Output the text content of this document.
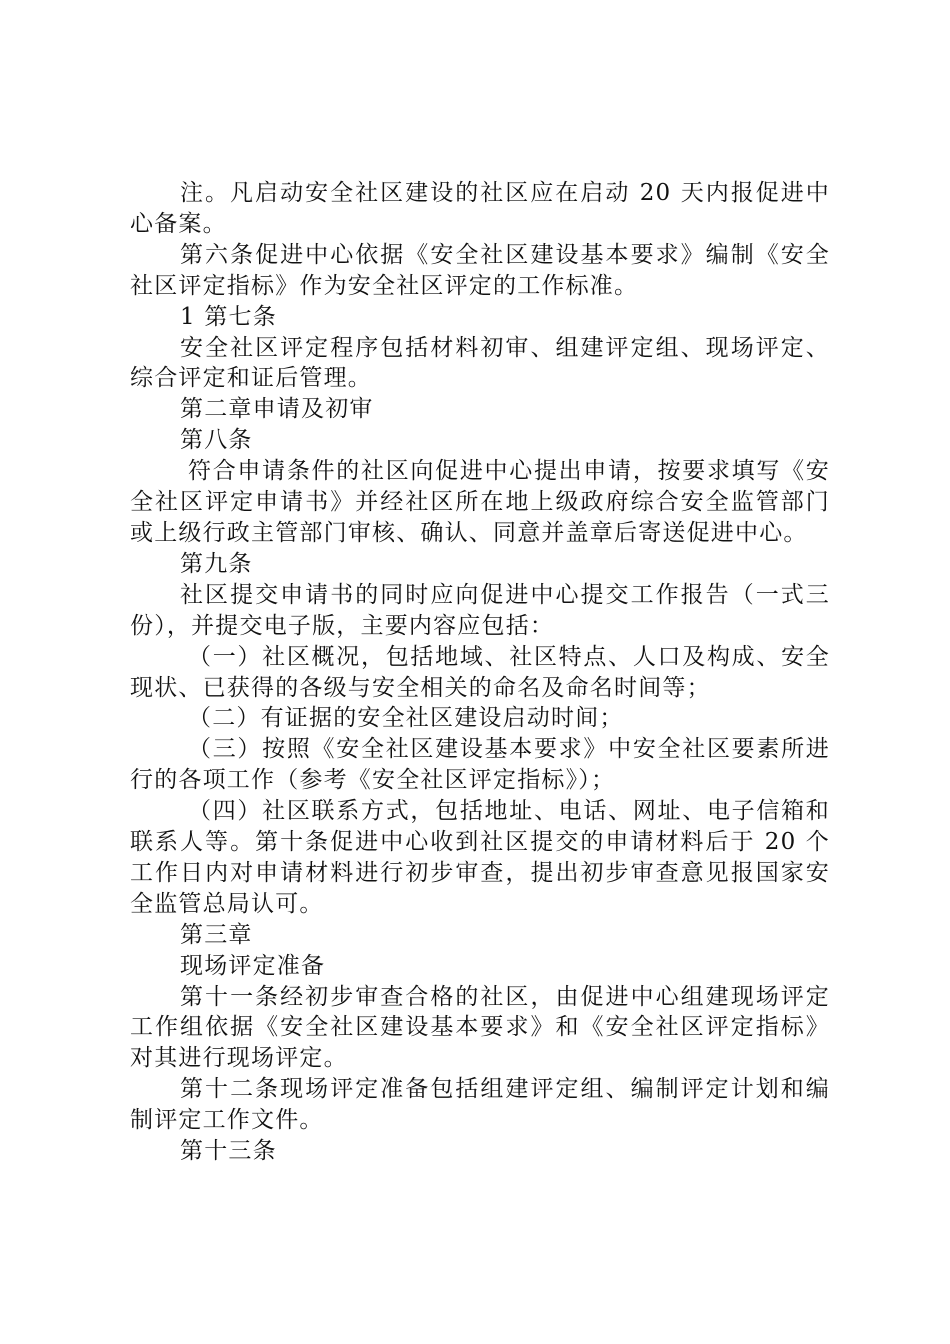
注。凡启动安全社区建设的社区应在启动 20 天内报促进中心备案。

第六条促进中心依据《安全社区建设基本要求》编制《安全社区评定指标》作为安全社区评定的工作标准。

1 第七条

安全社区评定程序包括材料初审、组建评定组、现场评定、综合评定和证后管理。

第二章申请及初审

第八条

符合申请条件的社区向促进中心提出申请，按要求填写《安全社区评定申请书》并经社区所在地上级政府综合安全监管部门或上级行政主管部门审核、确认、同意并盖章后寄送促进中心。

第九条

社区提交申请书的同时应向促进中心提交工作报告（一式三份），并提交电子版，主要内容应包括：

（一）社区概况，包括地域、社区特点、人口及构成、安全现状、已获得的各级与安全相关的命名及命名时间等；

（二）有证据的安全社区建设启动时间；

（三）按照《安全社区建设基本要求》中安全社区要素所进行的各项工作（参考《安全社区评定指标》）；

（四）社区联系方式，包括地址、电话、网址、电子信箱和联系人等。第十条促进中心收到社区提交的申请材料后于 20 个工作日内对申请材料进行初步审查，提出初步审查意见报国家安全监管总局认可。

第三章

现场评定准备

第十一条经初步审查合格的社区，由促进中心组建现场评定工作组依据《安全社区建设基本要求》和《安全社区评定指标》对其进行现场评定。

第十二条现场评定准备包括组建评定组、编制评定计划和编制评定工作文件。

第十三条
